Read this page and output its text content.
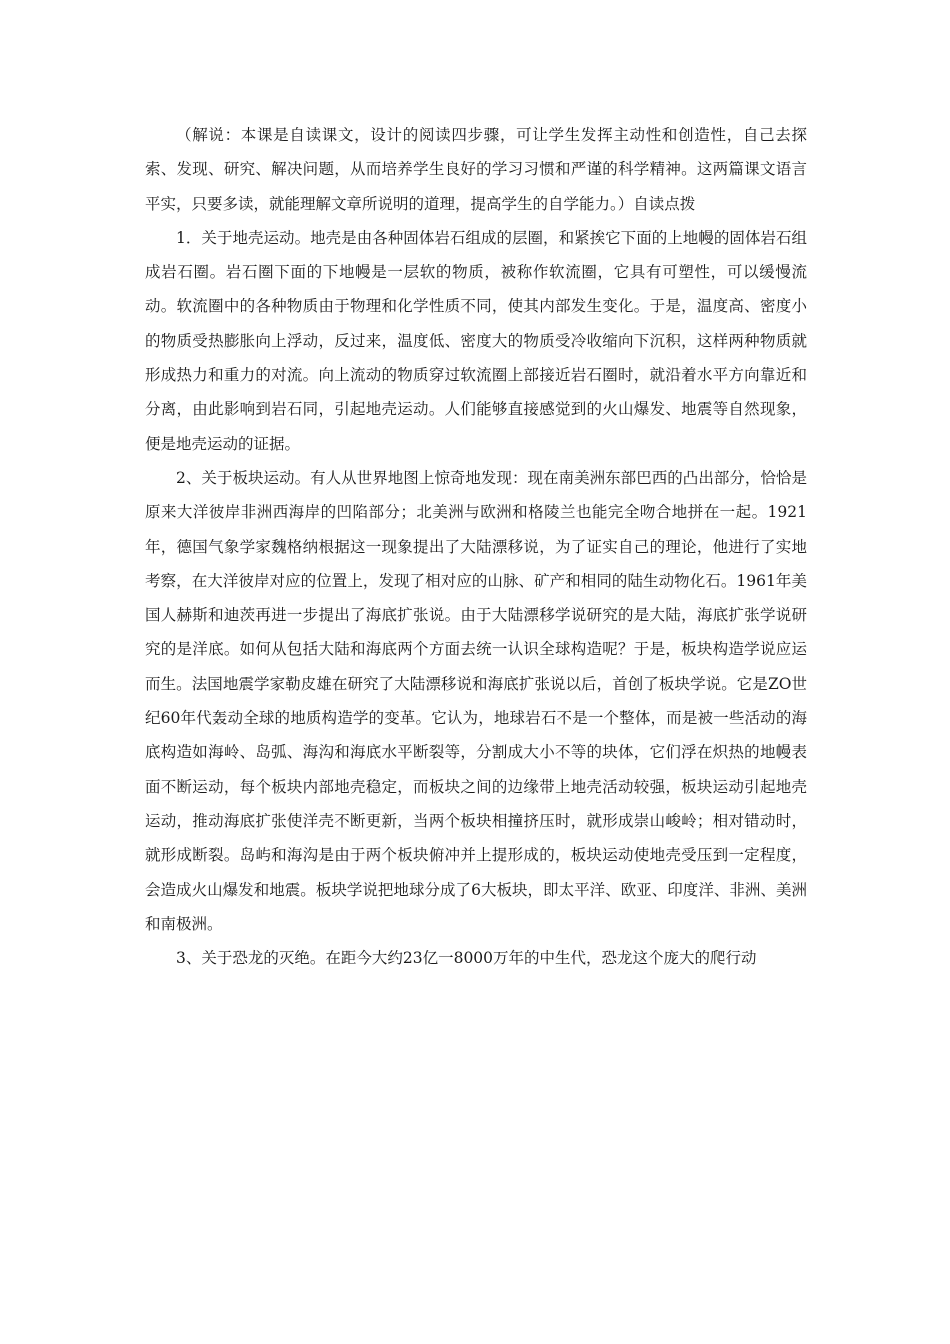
（解说：本课是自读课文，设计的阅读四步骤，可让学生发挥主动性和创造性，自己去探索、发现、研究、解决问题，从而培养学生良好的学习习惯和严谨的科学精神。这两篇课文语言平实，只要多读，就能理解文章所说明的道理，提高学生的自学能力。）自读点拨

1．关于地壳运动。地壳是由各种固体岩石组成的层圈，和紧挨它下面的上地幔的固体岩石组成岩石圈。岩石圈下面的下地幔是一层软的物质，被称作软流圈，它具有可塑性，可以缓慢流动。软流圈中的各种物质由于物理和化学性质不同，使其内部发生变化。于是，温度高、密度小的物质受热膨胀向上浮动，反过来，温度低、密度大的物质受冷收缩向下沉积，这样两种物质就形成热力和重力的对流。向上流动的物质穿过软流圈上部接近岩石圈时，就沿着水平方向靠近和分离，由此影响到岩石同，引起地壳运动。人们能够直接感觉到的火山爆发、地震等自然现象，便是地壳运动的证据。

2、关于板块运动。有人从世界地图上惊奇地发现：现在南美洲东部巴西的凸出部分，恰恰是原来大洋彼岸非洲西海岸的凹陷部分；北美洲与欧洲和格陵兰也能完全吻合地拼在一起。1921年，德国气象学家魏格纳根据这一现象提出了大陆漂移说，为了证实自己的理论，他进行了实地考察，在大洋彼岸对应的位置上，发现了相对应的山脉、矿产和相同的陆生动物化石。1961年美国人赫斯和迪茨再进一步提出了海底扩张说。由于大陆漂移学说研究的是大陆，海底扩张学说研究的是洋底。如何从包括大陆和海底两个方面去统一认识全球构造呢？于是，板块构造学说应运而生。法国地震学家勒皮雄在研究了大陆漂移说和海底扩张说以后，首创了板块学说。它是ZO世纪60年代轰动全球的地质构造学的变革。它认为，地球岩石不是一个整体，而是被一些活动的海底构造如海岭、岛弧、海沟和海底水平断裂等，分割成大小不等的块体，它们浮在炽热的地幔表面不断运动，每个板块内部地壳稳定，而板块之间的边缘带上地壳活动较强，板块运动引起地壳运动，推动海底扩张使洋壳不断更新，当两个板块相撞挤压时，就形成崇山峻岭；相对错动时，就形成断裂。岛屿和海沟是由于两个板块俯冲并上提形成的，板块运动使地壳受压到一定程度，会造成火山爆发和地震。板块学说把地球分成了6大板块，即太平洋、欧亚、印度洋、非洲、美洲和南极洲。

3、关于恐龙的灭绝。在距今大约23亿一8000万年的中生代，恐龙这个庞大的爬行动
